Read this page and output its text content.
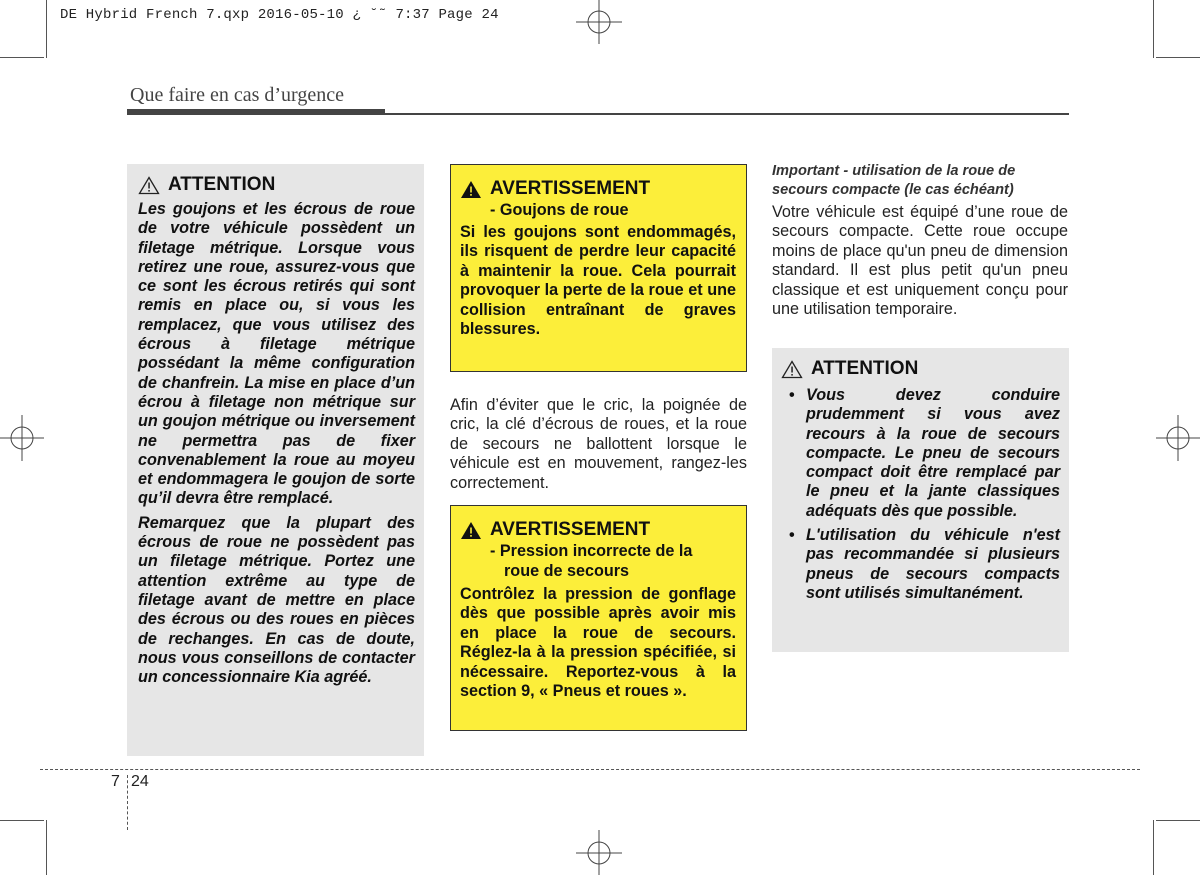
DE Hybrid French 7.qxp 2016-05-10 ¿ ˘˜ 7:37 Page 24
Que faire en cas d’urgence
ATTENTION

Les goujons et les écrous de roue de votre véhicule possèdent un filetage métrique. Lorsque vous retirez une roue, assurez-vous que ce sont les écrous retirés qui sont remis en place ou, si vous les remplacez, que vous utilisez des écrous à filetage métrique possédant la même configuration de chanfrein. La mise en place d’un écrou à filetage non métrique sur un goujon métrique ou inversement ne permettra pas de fixer convenablement la roue au moyeu et endommagera le goujon de sorte qu’il devra être remplacé.

Remarquez que la plupart des écrous de roue ne possèdent pas un filetage métrique. Portez une attention extrême au type de filetage avant de mettre en place des écrous ou des roues en pièces de rechanges. En cas de doute, nous vous conseillons de contacter un concessionnaire Kia agréé.

AVERTISSEMENT
- Goujons de roue

Si les goujons sont endommagés, ils risquent de perdre leur capacité à maintenir la roue. Cela pourrait provoquer la perte de la roue et une collision entraînant de graves blessures.

Afin d’éviter que le cric, la poignée de cric, la clé d’écrous de roues, et la roue de secours ne ballottent lorsque le véhicule est en mouvement, rangez-les correctement.

AVERTISSEMENT
- Pression incorrecte de la
roue de secours

Contrôlez la pression de gonflage dès que possible après avoir mis en place la roue de secours. Réglez-la à la pression spécifiée, si nécessaire. Reportez-vous à la section 9, « Pneus et roues ».

Important - utilisation de la roue de secours compacte (le cas échéant)

Votre véhicule est équipé d’une roue de secours compacte. Cette roue occupe moins de place qu'un pneu de dimension standard. Il est plus petit qu'un pneu classique et est uniquement conçu pour une utilisation temporaire.

ATTENTION
• Vous devez conduire prudemment si vous avez recours à la roue de secours compacte. Le pneu de secours compact doit être remplacé par le pneu et la jante classiques adéquats dès que possible.
• L'utilisation du véhicule n'est pas recommandée si plusieurs pneus de secours compacts sont utilisés simultanément.
7 24
